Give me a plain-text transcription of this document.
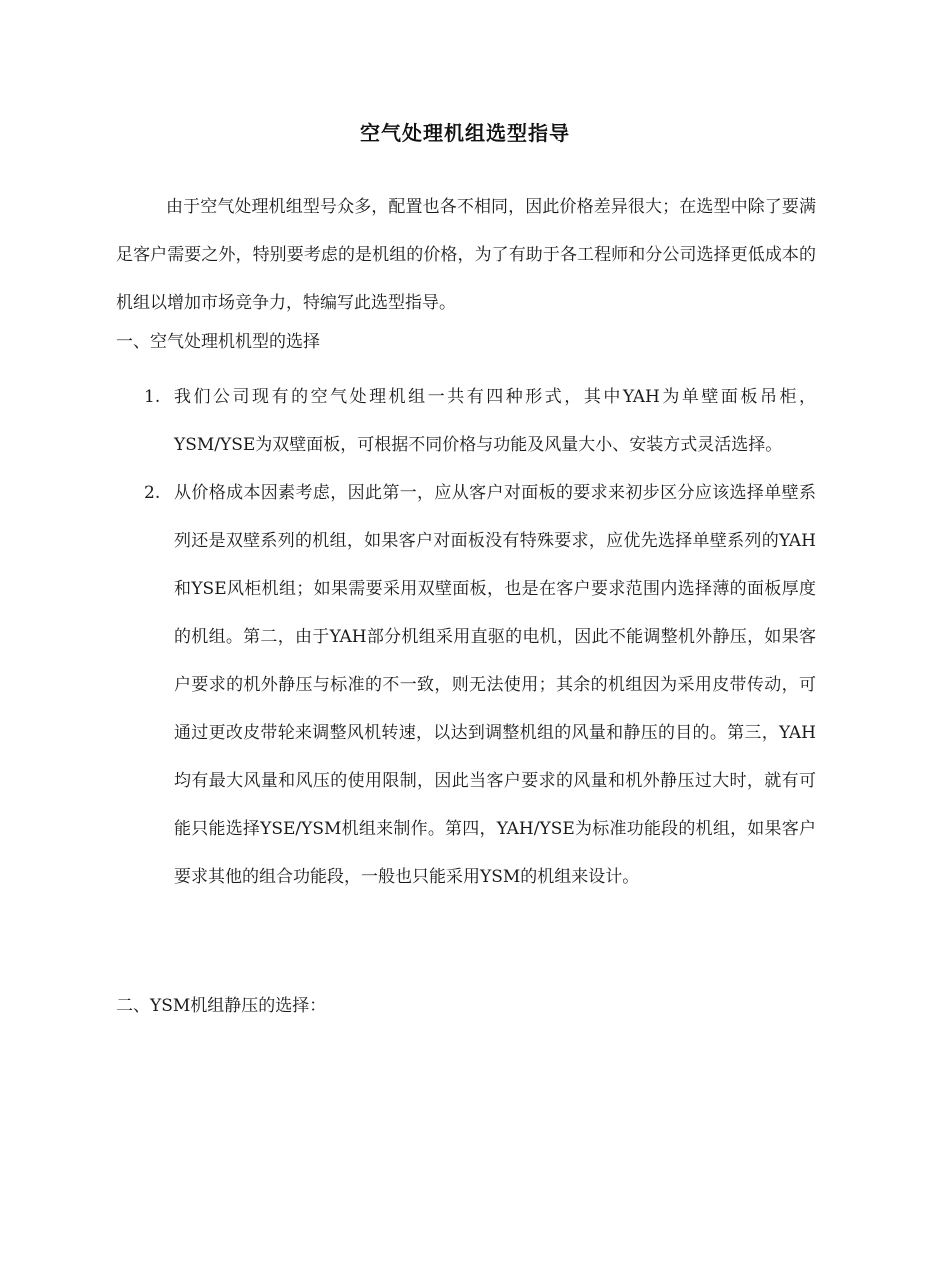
空气处理机组选型指导

由于空气处理机组型号众多，配置也各不相同，因此价格差异很大；在选型中除了要满足客户需要之外，特别要考虑的是机组的价格，为了有助于各工程师和分公司选择更低成本的机组以增加市场竞争力，特编写此选型指导。

一、空气处理机机型的选择

1. 我们公司现有的空气处理机组一共有四种形式，其中YAH为单壁面板吊柜，YSM/YSE为双壁面板，可根据不同价格与功能及风量大小、安装方式灵活选择。
2. 从价格成本因素考虑，因此第一，应从客户对面板的要求来初步区分应该选择单壁系列还是双壁系列的机组，如果客户对面板没有特殊要求，应优先选择单壁系列的YAH和YSE风柜机组；如果需要采用双壁面板，也是在客户要求范围内选择薄的面板厚度的机组。第二，由于YAH部分机组采用直驱的电机，因此不能调整机外静压，如果客户要求的机外静压与标准的不一致，则无法使用；其余的机组因为采用皮带传动，可通过更改皮带轮来调整风机转速，以达到调整机组的风量和静压的目的。第三，YAH均有最大风量和风压的使用限制，因此当客户要求的风量和机外静压过大时，就有可能只能选择YSE/YSM机组来制作。第四，YAH/YSE为标准功能段的机组，如果客户要求其他的组合功能段，一般也只能采用YSM的机组来设计。

二、YSM机组静压的选择：
